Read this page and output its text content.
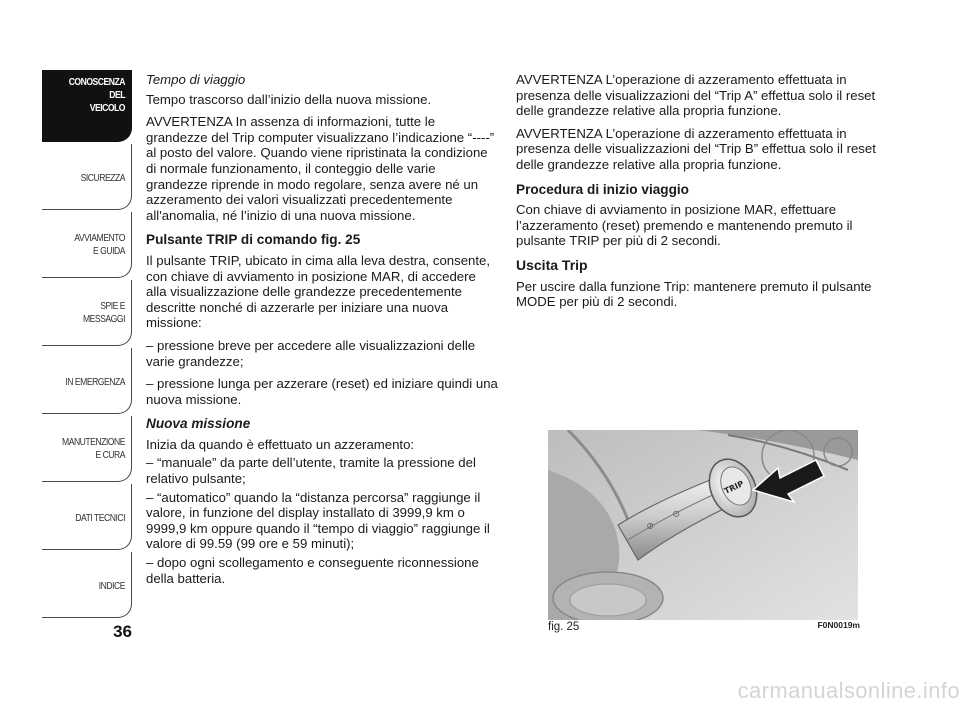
CONOSCENZA
DEL
VEICOLO
SICUREZZA
AVVIAMENTO
E GUIDA
SPIE E
MESSAGGI
IN EMERGENZA
MANUTENZIONE
E CURA
DATI TECNICI
INDICE
36

Tempo di viaggio

Tempo trascorso dall’inizio della nuova missione.

AVVERTENZA In assenza di informazioni, tutte le grandezze del Trip computer visualizzano l’indicazione “----” al posto del valore. Quando viene ripristinata la condizione di normale funzionamento, il conteggio delle varie grandezze riprende in modo regolare, senza avere né un azzeramento dei valori visualizzati precedentemente all'anomalia, né l’inizio di una nuova missione.

Pulsante TRIP di comando fig. 25

Il pulsante TRIP, ubicato in cima alla leva destra, consente, con chiave di avviamento in posizione MAR, di accedere alla visualizzazione delle grandezze precedentemente descritte nonché di azzerarle per iniziare una nuova missione:

– pressione breve per accedere alle visualizzazioni delle varie grandezze;

– pressione lunga per azzerare (reset) ed iniziare quindi una nuova missione.

Nuova missione

Inizia da quando è effettuato un azzeramento:

– “manuale” da parte dell’utente, tramite la pressione del relativo pulsante;

– “automatico” quando la “distanza percorsa” raggiunge il valore, in funzione del display installato di 3999,9 km o 9999,9 km oppure quando il “tempo di viaggio” raggiunge il valore di 99.59 (99 ore e 59 minuti);

– dopo ogni scollegamento e conseguente riconnessione della batteria.

AVVERTENZA L’operazione di azzeramento effettuata in presenza delle visualizzazioni del “Trip A” effettua solo il reset delle grandezze relative alla propria funzione.

AVVERTENZA L’operazione di azzeramento effettuata in presenza delle visualizzazioni del “Trip B” effettua solo il reset delle grandezze relative alla propria funzione.

Procedura di inizio viaggio

Con chiave di avviamento in posizione MAR, effettuare l’azzeramento (reset) premendo e mantenendo premuto il pulsante TRIP per più di 2 secondi.

Uscita Trip

Per uscire dalla funzione Trip: mantenere premuto il pulsante MODE per più di 2 secondi.

⊘
⊙
TRIP
fig. 25	F0N0019m
carmanualsonline.info
